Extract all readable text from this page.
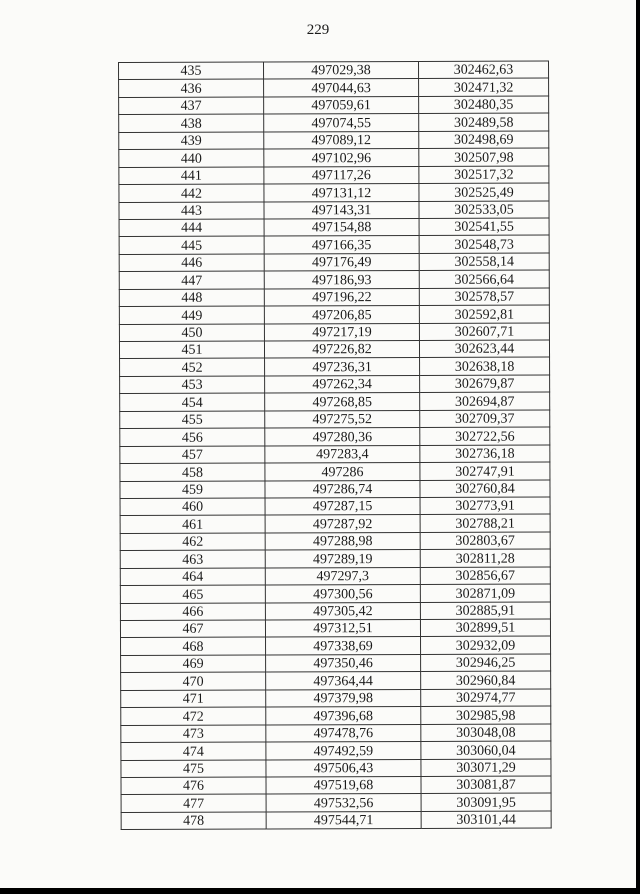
229
435	497029,38	302462,63
436	497044,63	302471,32
437	497059,61	302480,35
438	497074,55	302489,58
439	497089,12	302498,69
440	497102,96	302507,98
441	497117,26	302517,32
442	497131,12	302525,49
443	497143,31	302533,05
444	497154,88	302541,55
445	497166,35	302548,73
446	497176,49	302558,14
447	497186,93	302566,64
448	497196,22	302578,57
449	497206,85	302592,81
450	497217,19	302607,71
451	497226,82	302623,44
452	497236,31	302638,18
453	497262,34	302679,87
454	497268,85	302694,87
455	497275,52	302709,37
456	497280,36	302722,56
457	497283,4	302736,18
458	497286	302747,91
459	497286,74	302760,84
460	497287,15	302773,91
461	497287,92	302788,21
462	497288,98	302803,67
463	497289,19	302811,28
464	497297,3	302856,67
465	497300,56	302871,09
466	497305,42	302885,91
467	497312,51	302899,51
468	497338,69	302932,09
469	497350,46	302946,25
470	497364,44	302960,84
471	497379,98	302974,77
472	497396,68	302985,98
473	497478,76	303048,08
474	497492,59	303060,04
475	497506,43	303071,29
476	497519,68	303081,87
477	497532,56	303091,95
478	497544,71	303101,44
